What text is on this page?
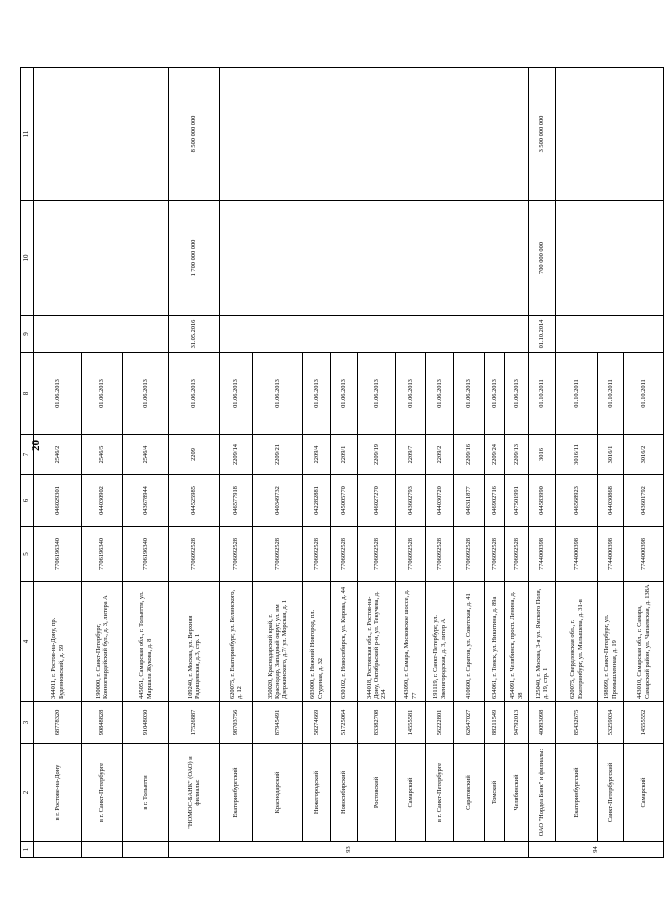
20
1	2	3	4	5	6	7	8	9	10	11
	в г. Ростове-на-Дону	68778320	344011, г. Ростов-на-Дону, пр. Буденновский, д. 59	7706196340	046029301	2546/2	01.06.2013			
	в г. Санкт-Петербурге	90848828	190000, г. Санкт-Петербург, Конногвардейский бул., д. 3, литера А	7706196340	044030902	2546/5	01.06.2013			
	в г. Тольятти	91048030	445051, Самарская обл., г. Тольятти, ул. Маршала Жукова, д. 8	7706196340	043678944	2546/4	01.06.2013			
93	"НОМОС-БАНК" (ОАО) и филиалы:	17526887	109240, г. Москва, ул. Верхняя Радищевская, д.3, стр. 1	7706092528	044525985	2209	01.06.2013	31.05.2016	1 700 000 000	8 500 000 000
	Екатеринбургский	98703756	620075, г. Екатеринбург, ул. Белинского, д. 12	7706092528	046577918	2209/14	01.06.2013			
	Краснодарский	87945491	350020, Краснодарский край, г. Краснодар, Западный округ, ул. им Дзержинского, д.7/ ул. Морская, д. 1	7706092528	040349732	2209/21	01.06.2013			
	Нижегородский	58274669	603000, г. Нижний Новгород, пл. Студеная, д. 32	7706092528	042282881	2209/4	01.06.2013			
	Новосибирский	51725064	630102, г. Новосибирск, ул. Кирова, д. 44	7706092528	045005770	2209/1	01.06.2013			
	Ростовский	83382708	344018, Ростовская обл., г. Ростов-на-Дону, Октябрьский р-н, ул. Текучева, д. 234	7706092528	046027270	2209/19	01.06.2013			
	Самарский	14555581	443090, г. Самара, Московское шоссе, д. 77	7706092528	043602793	2209/7	01.06.2013			
	в г. Санкт-Петербурге	56222801	191119, г. Санкт-Петербург, ул. Звенигородская, д. 3, литер А	7706092528	044030720	2209/2	01.06.2013			
	Саратовский	62647027	410600, г. Саратов, ул. Советская, д. 41	7706092528	046311877	2209/16	01.06.2013			
	Томский	88211549	634061, г. Томск, ул. Никитина, д. 89а	7706092528	046902716	2209/24	01.06.2013			
	Челябинский	94792013	454091, г. Челябинск, просп. Ленина, д. 38	7706092528	047501991	2209/13	01.06.2013			
94	ОАО "Нордеа Банк" и филиалы:	40093098	125040, г. Москва, 3-я ул. Ямского Поля, д. 19, стр. 1	7744000398	044583990	3016	01.10.2011	01.10.2014	700 000 000	3 500 000 000
	Екатеринбургский	85432675	620075, Свердловская обл., г. Екатеринбург, ул. Малышева, д. 31-в	7744000398	046568923	3016/11	01.10.2011			
	Санкт-Петербургский	53259034	198099, г. Санкт-Петербург, ул. Промышленная, д. 19	7744000398	044030868	3016/1	01.10.2011			
	Самарский	14555552	443010, Самарская обл., г. Самара, Самарский район, ул. Чапаевская, д. 138А	7744000398	043601792	3016/2	01.10.2011			
